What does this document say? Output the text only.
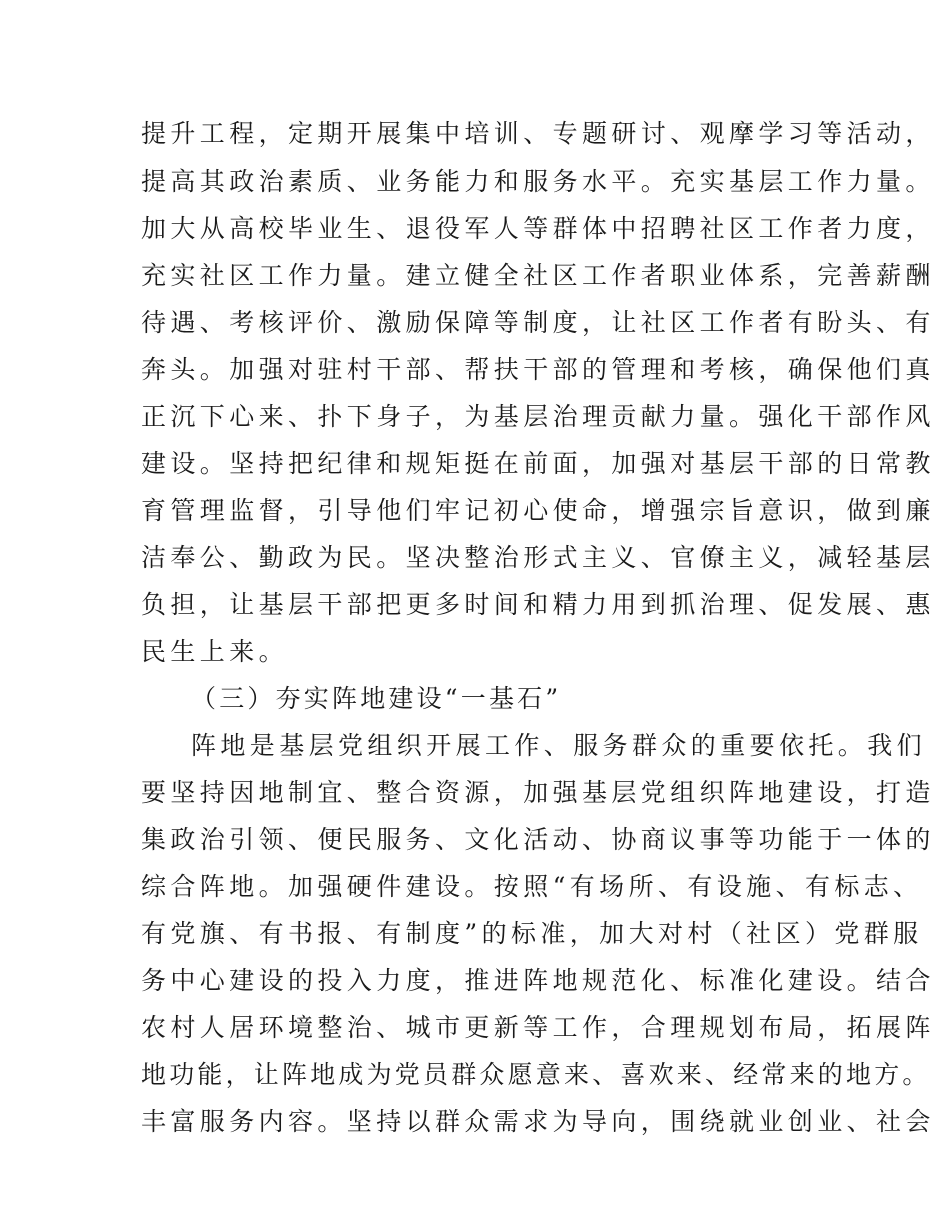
提升工程，定期开展集中培训、专题研讨、观摩学习等活动，

提高其政治素质、业务能力和服务水平。充实基层工作力量。

加大从高校毕业生、退役军人等群体中招聘社区工作者力度，

充实社区工作力量。建立健全社区工作者职业体系，完善薪酬

待遇、考核评价、激励保障等制度，让社区工作者有盼头、有

奔头。加强对驻村干部、帮扶干部的管理和考核，确保他们真

正沉下心来、扑下身子，为基层治理贡献力量。强化干部作风

建设。坚持把纪律和规矩挺在前面，加强对基层干部的日常教

育管理监督，引导他们牢记初心使命，增强宗旨意识，做到廉

洁奉公、勤政为民。坚决整治形式主义、官僚主义，减轻基层

负担，让基层干部把更多时间和精力用到抓治理、促发展、惠

民生上来。

（三）夯实阵地建设“一基石”

阵地是基层党组织开展工作、服务群众的重要依托。我们

要坚持因地制宜、整合资源，加强基层党组织阵地建设，打造

集政治引领、便民服务、文化活动、协商议事等功能于一体的

综合阵地。加强硬件建设。按照“有场所、有设施、有标志、

有党旗、有书报、有制度”的标准，加大对村（社区）党群服

务中心建设的投入力度，推进阵地规范化、标准化建设。结合

农村人居环境整治、城市更新等工作，合理规划布局，拓展阵

地功能，让阵地成为党员群众愿意来、喜欢来、经常来的地方。

丰富服务内容。坚持以群众需求为导向，围绕就业创业、社会
